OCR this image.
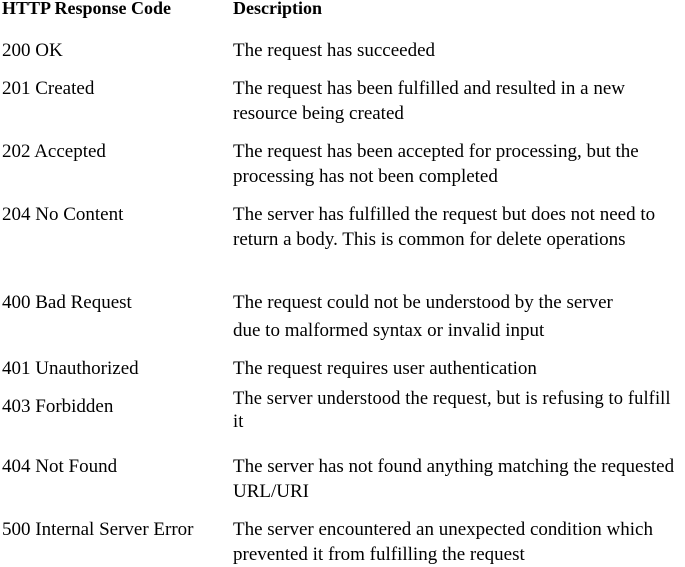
HTTP Response Code	Description
200 OK	The request has succeeded
201 Created	The request has been fulfilled and resulted in a new resource being created
202 Accepted	The request has been accepted for processing, but the processing has not been completed
204 No Content	The server has fulfilled the request but does not need to return a body. This is common for delete operations
400 Bad Request	The request could not be understood by the server
due to malformed syntax or invalid input
401 Unauthorized	The request requires user authentication
403 Forbidden	The server understood the request, but is refusing to fulfill it
404 Not Found	The server has not found anything matching the requested URL/URI
500 Internal Server Error	The server encountered an unexpected condition which prevented it from fulfilling the request
